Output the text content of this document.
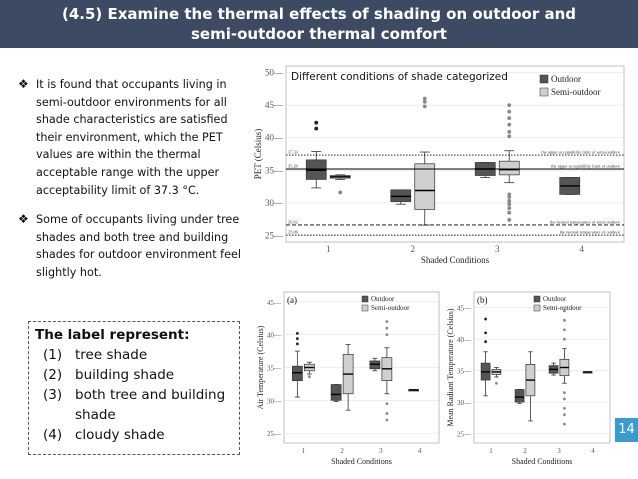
(4.5) Examine the thermal effects of shading on outdoor and
semi-outdoor thermal comfort
❖ It is found that occupants living in semi-outdoor environments for all shade characteristics are satisfied their environment, which the PET values are within the thermal acceptable range with the upper acceptability limit of 37.3 °C.
❖ Some of occupants living under tree shades and both tree and building shades for outdoor environment feel slightly hot.
The label represent:
(1) tree shade
(2) building shade
(3) both tree and building shade
(4) cloudy shade
25—
30—
35—
40—
45—
50—
1	2	3	4
Shaded Conditions
PET (Celsius)	37.33	the upper acceptability limit of semi-outdoor
35.20	the upper acceptability limit of outdoor
26.62	the neutral temperature of semi-outdoor
25.06	the neutral temperature of outdoor
Outdoor
Semi-outdoor
Different conditions of shade categorized
25—
30—
35—
40—
45—
1	2	3	4
Shaded Conditions
Air Temperature (Celsius)
Outdoor
Semi-outdoor
(a)
25—
30—
35—
40—
45—
1	2	3	4
Shaded Conditions
Mean Radiant Temperature (Celsius)
Outdoor
Semi-outdoor
(b)
14
